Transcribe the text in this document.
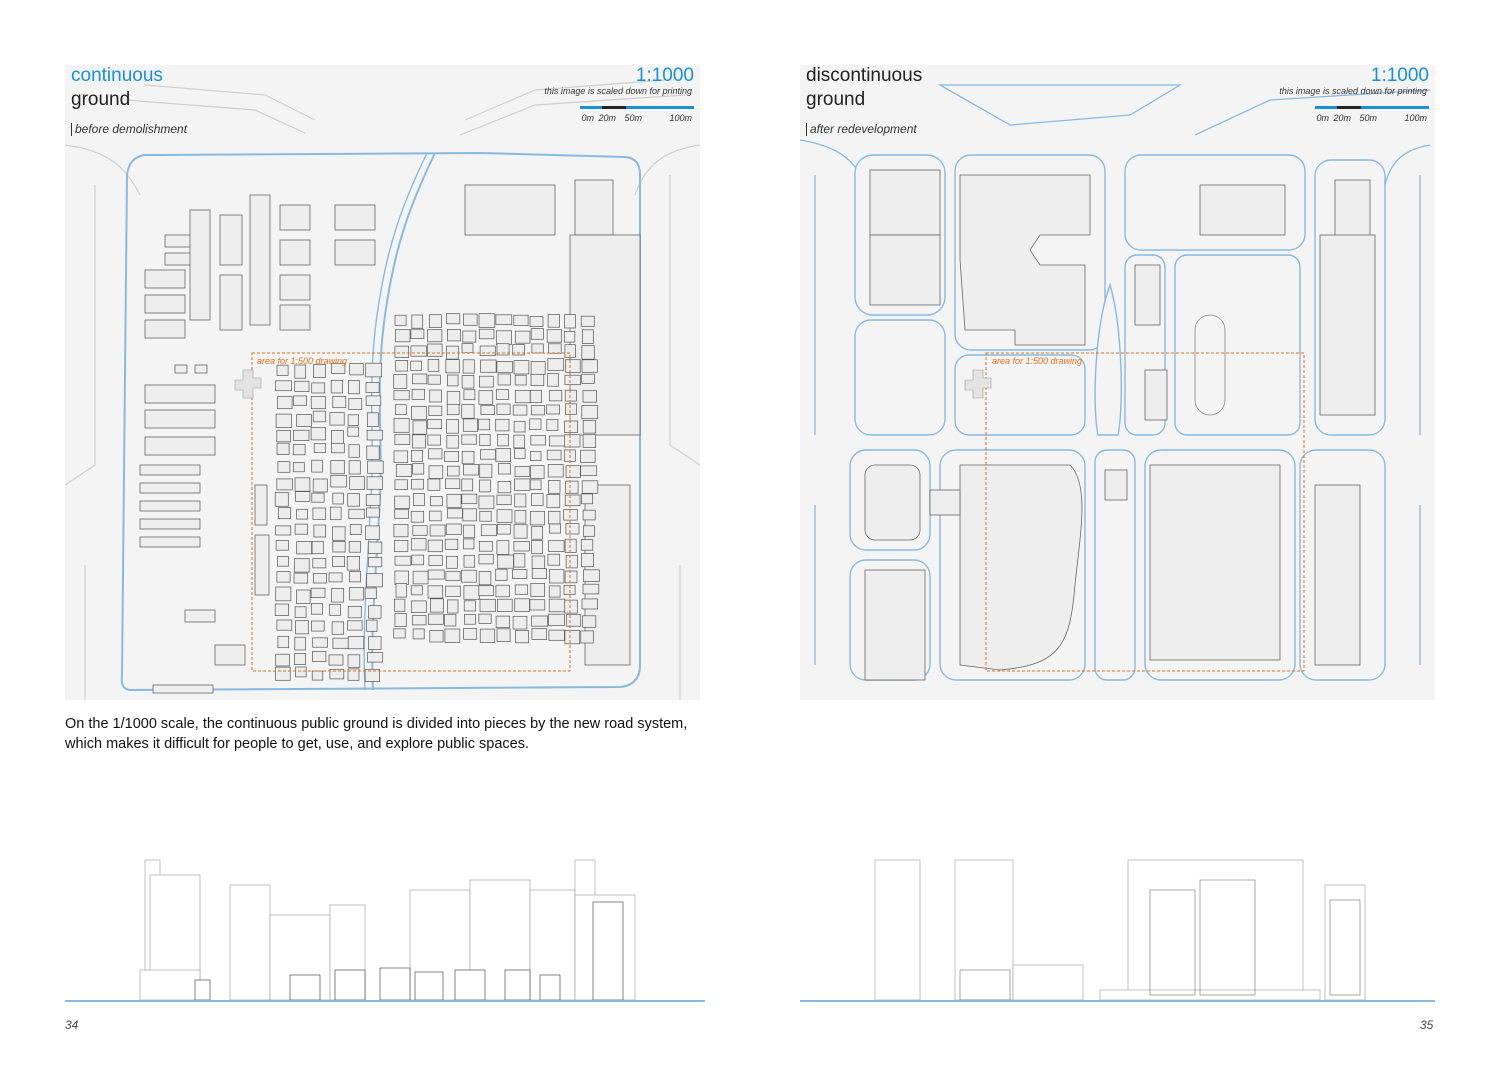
continuous
ground
before demolishment
1:1000
this image is scaled down for printing
0m 20m 50m	100m
area for 1:500 drawing
On the 1/1000 scale, the continuous public ground is divided into pieces by the new road system, which makes it difficult for people to get, use, and explore public spaces.
34
discontinuous
ground
after redevelopment
1:1000
this image is scaled down for printing
0m 20m 50m	100m
area for 1:500 drawing
35
